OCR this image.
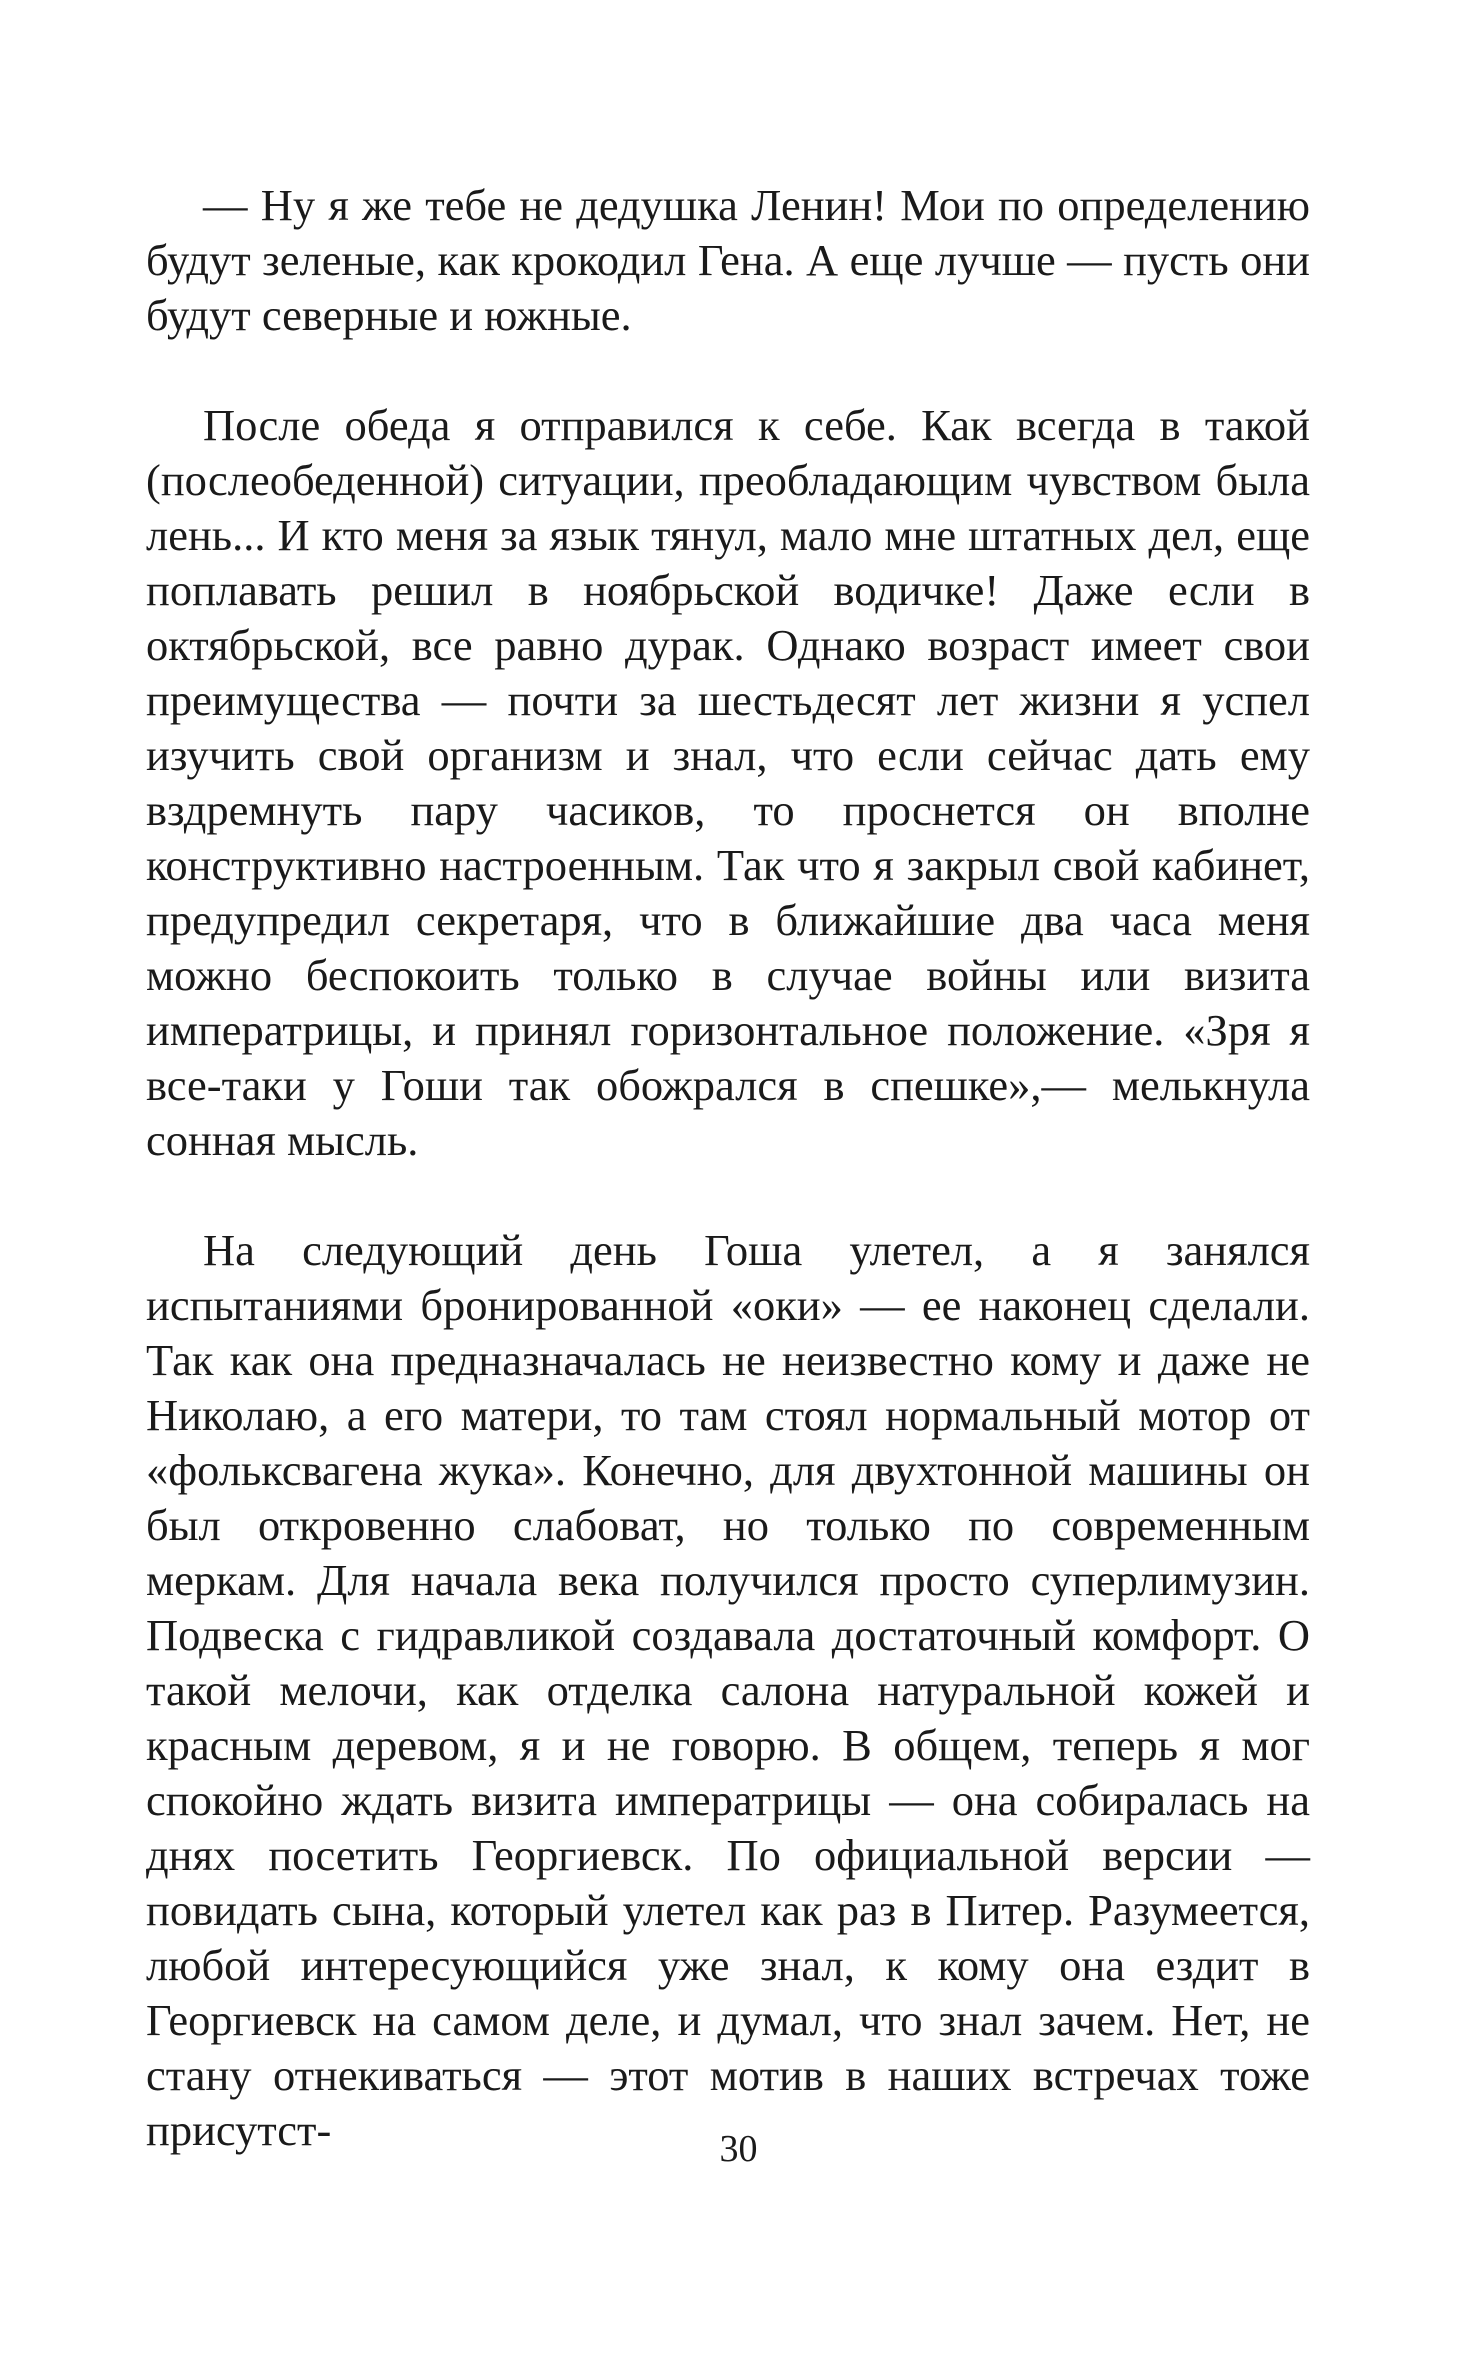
— Ну я же тебе не дедушка Ленин! Мои по определению будут зеленые, как крокодил Гена. А еще лучше — пусть они будут северные и южные.

После обеда я отправился к себе. Как всегда в такой (послеобеденной) ситуации, преобладающим чувством была лень... И кто меня за язык тянул, мало мне штатных дел, еще поплавать решил в ноябрьской водичке! Даже если в октябрьской, все равно дурак. Однако возраст имеет свои преимущества — почти за шестьдесят лет жизни я успел изучить свой организм и знал, что если сейчас дать ему вздремнуть пару часиков, то проснется он вполне конструктивно настроенным. Так что я закрыл свой кабинет, предупредил секретаря, что в ближайшие два часа меня можно беспокоить только в случае войны или визита императрицы, и принял горизонтальное положение. «Зря я все-таки у Гоши так обожрался в спешке»,— мелькнула сонная мысль.

На следующий день Гоша улетел, а я занялся испытаниями бронированной «оки» — ее наконец сделали. Так как она предназначалась не неизвестно кому и даже не Николаю, а его матери, то там стоял нормальный мотор от «фольксвагена жука». Конечно, для двухтонной машины он был откровенно слабоват, но только по современным меркам. Для начала века получился просто суперлимузин. Подвеска с гидравликой создавала достаточный комфорт. О такой мелочи, как отделка салона натуральной кожей и красным деревом, я и не говорю. В общем, теперь я мог спокойно ждать визита императрицы — она собиралась на днях посетить Георгиевск. По официальной версии — повидать сына, который улетел как раз в Питер. Разумеется, любой интересующийся уже знал, к кому она ездит в Георгиевск на самом деле, и думал, что знал зачем. Нет, не стану отнекиваться — этот мотив в наших встречах тоже присутст-	30
